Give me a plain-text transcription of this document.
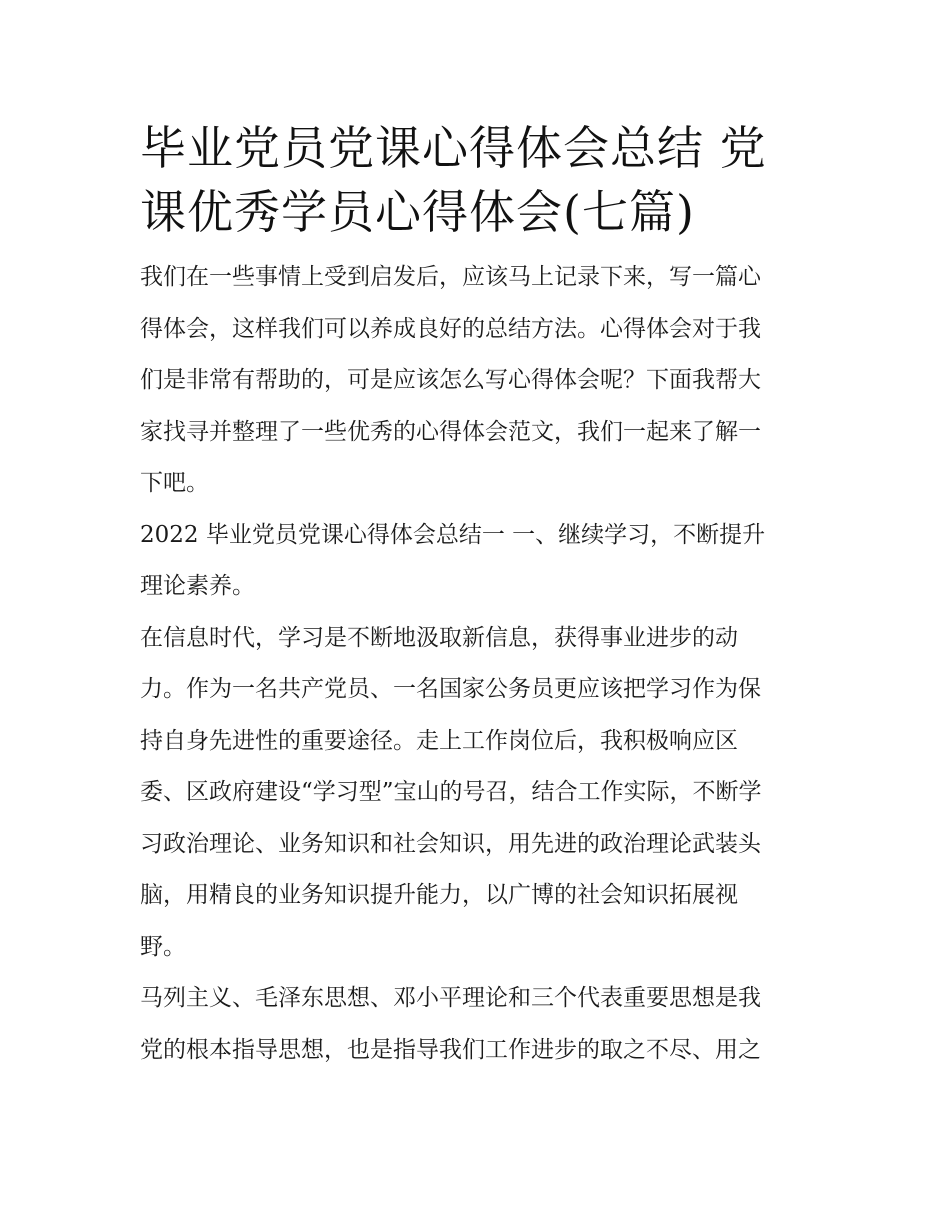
毕业党员党课心得体会总结 党
课优秀学员心得体会(七篇)

我们在一些事情上受到启发后，应该马上记录下来，写一篇心
得体会，这样我们可以养成良好的总结方法。心得体会对于我
们是非常有帮助的，可是应该怎么写心得体会呢？下面我帮大
家找寻并整理了一些优秀的心得体会范文，我们一起来了解一
下吧。

2022 毕业党员党课心得体会总结一 一、继续学习，不断提升
理论素养。

在信息时代，学习是不断地汲取新信息，获得事业进步的动
力。作为一名共产党员、一名国家公务员更应该把学习作为保
持自身先进性的重要途径。走上工作岗位后，我积极响应区
委、区政府建设“学习型”宝山的号召，结合工作实际，不断学
习政治理论、业务知识和社会知识，用先进的政治理论武装头
脑，用精良的业务知识提升能力，以广博的社会知识拓展视
野。

马列主义、毛泽东思想、邓小平理论和三个代表重要思想是我
党的根本指导思想，也是指导我们工作进步的取之不尽、用之
